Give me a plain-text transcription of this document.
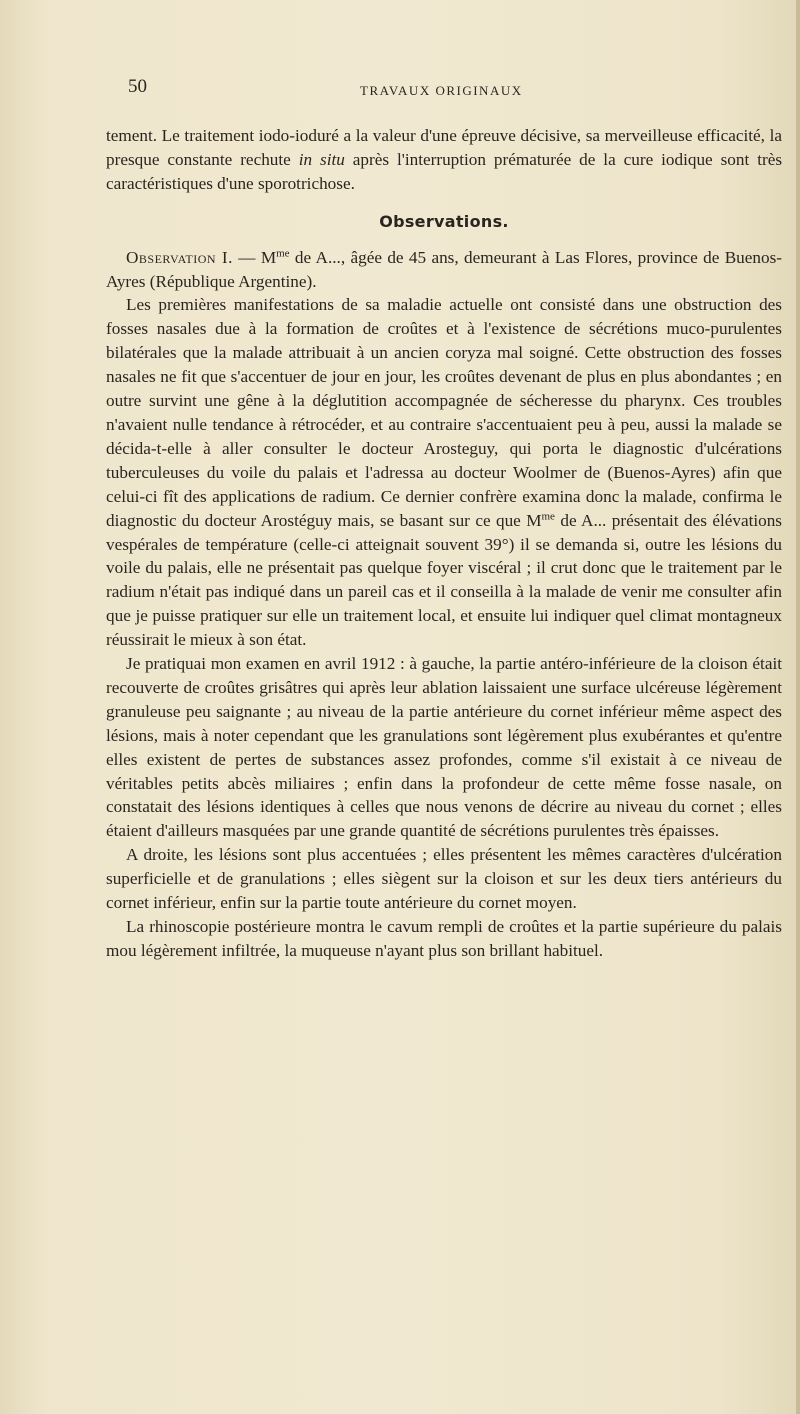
50	TRAVAUX ORIGINAUX

tement. Le traitement iodo-ioduré a la valeur d'une épreuve décisive, sa merveilleuse efficacité, la presque constante rechute in situ après l'interruption prématurée de la cure iodique sont très caractéristiques d'une sporotrichose.

Observations.

Observation I. — $M^{me}$ de A..., âgée de 45 ans, demeurant à Las Flores, province de Buenos-Ayres (République Argentine).

Les premières manifestations de sa maladie actuelle ont consisté dans une obstruction des fosses nasales due à la formation de croûtes et à l'existence de sécrétions muco-purulentes bilatérales que la malade attribuait à un ancien coryza mal soigné. Cette obstruction des fosses nasales ne fit que s'accentuer de jour en jour, les croûtes devenant de plus en plus abondantes ; en outre survint une gêne à la déglutition accompagnée de sécheresse du pharynx. Ces troubles n'avaient nulle tendance à rétrocéder, et au contraire s'accentuaient peu à peu, aussi la malade se décida-t-elle à aller consulter le docteur Arosteguy, qui porta le diagnostic d'ulcérations tuberculeuses du voile du palais et l'adressa au docteur Woolmer de (Buenos-Ayres) afin que celui-ci fît des applications de radium. Ce dernier confrère examina donc la malade, confirma le diagnostic du docteur Arostéguy mais, se basant sur ce que $M^{me}$ de A... présentait des élévations vespérales de température (celle-ci atteignait souvent 39°) il se demanda si, outre les lésions du voile du palais, elle ne présentait pas quelque foyer viscéral ; il crut donc que le traitement par le radium n'était pas indiqué dans un pareil cas et il conseilla à la malade de venir me consulter afin que je puisse pratiquer sur elle un traitement local, et ensuite lui indiquer quel climat montagneux réussirait le mieux à son état.

Je pratiquai mon examen en avril 1912 : à gauche, la partie antéro-inférieure de la cloison était recouverte de croûtes grisâtres qui après leur ablation laissaient une surface ulcéreuse légèrement granuleuse peu saignante ; au niveau de la partie antérieure du cornet inférieur même aspect des lésions, mais à noter cependant que les granulations sont légèrement plus exubérantes et qu'entre elles existent de pertes de substances assez profondes, comme s'il existait à ce niveau de véritables petits abcès miliaires ; enfin dans la profondeur de cette même fosse nasale, on constatait des lésions identiques à celles que nous venons de décrire au niveau du cornet ; elles étaient d'ailleurs masquées par une grande quantité de sécrétions purulentes très épaisses.

A droite, les lésions sont plus accentuées ; elles présentent les mêmes caractères d'ulcération superficielle et de granulations ; elles siègent sur la cloison et sur les deux tiers antérieurs du cornet inférieur, enfin sur la partie toute antérieure du cornet moyen.

La rhinoscopie postérieure montra le cavum rempli de croûtes et la partie supérieure du palais mou légèrement infiltrée, la muqueuse n'ayant plus son brillant habituel.
